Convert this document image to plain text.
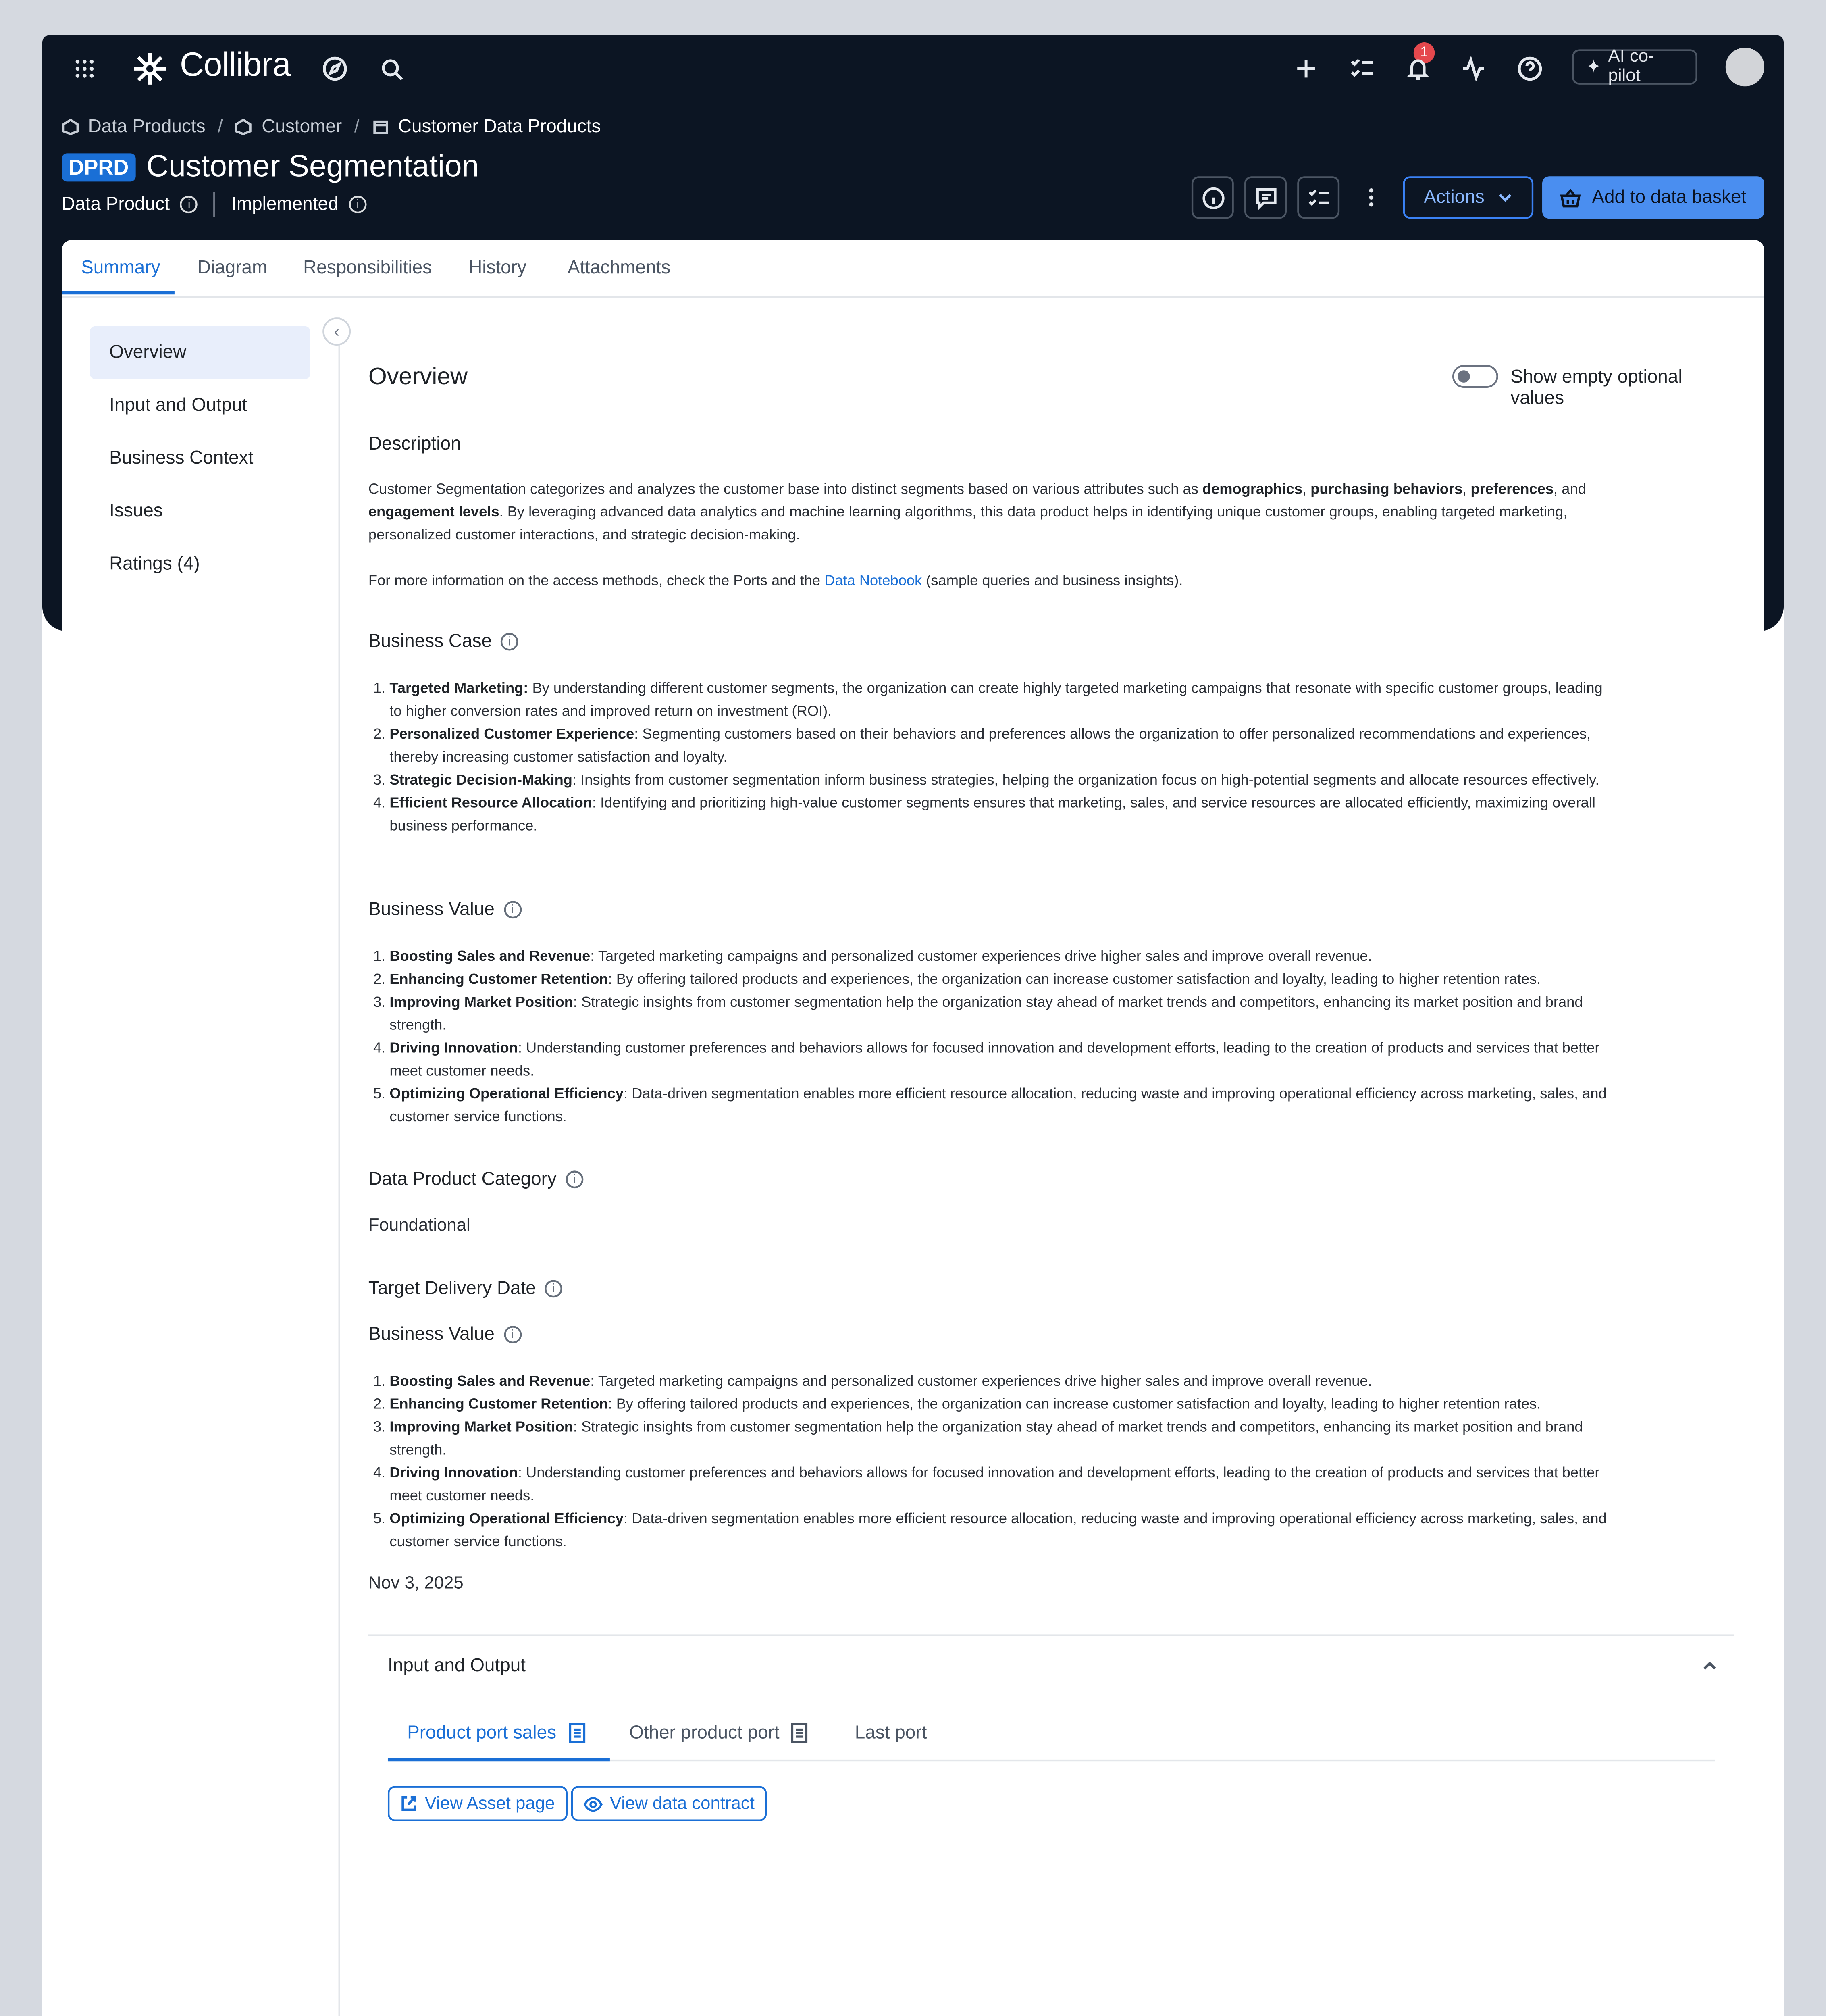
Collibra	1
✦ AI co-pilot
Data Products	/	Customer	/	Customer Data Products
DPRD	Customer Segmentation
Data Product	i	Implemented	i	Actions	Add to data basket
Summary	Diagram	Responsibilities	History	Attachments
Overview
Input and Output
Business Context
Issues
Ratings (4)
‹
Overview	Show empty optional values
Description
Customer Segmentation categorizes and analyzes the customer base into distinct segments based on various attributes such as demographics, purchasing behaviors, preferences, and engagement levels. By leveraging advanced data analytics and machine learning algorithms, this data product helps in identifying unique customer groups, enabling targeted marketing, personalized customer interactions, and strategic decision-making.
For more information on the access methods, check the Ports and the Data Notebook (sample queries and business insights).
Business Case	i
1. Targeted Marketing: By understanding different customer segments, the organization can create highly targeted marketing campaigns that resonate with specific customer groups, leading to higher conversion rates and improved return on investment (ROI).
2. Personalized Customer Experience: Segmenting customers based on their behaviors and preferences allows the organization to offer personalized recommendations and experiences, thereby increasing customer satisfaction and loyalty.
3. Strategic Decision-Making: Insights from customer segmentation inform business strategies, helping the organization focus on high-potential segments and allocate resources effectively.
4. Efficient Resource Allocation: Identifying and prioritizing high-value customer segments ensures that marketing, sales, and service resources are allocated efficiently, maximizing overall business performance.
Business Value	i
1. Boosting Sales and Revenue: Targeted marketing campaigns and personalized customer experiences drive higher sales and improve overall revenue.
2. Enhancing Customer Retention: By offering tailored products and experiences, the organization can increase customer satisfaction and loyalty, leading to higher retention rates.
3. Improving Market Position: Strategic insights from customer segmentation help the organization stay ahead of market trends and competitors, enhancing its market position and brand strength.
4. Driving Innovation: Understanding customer preferences and behaviors allows for focused innovation and development efforts, leading to the creation of products and services that better meet customer needs.
5. Optimizing Operational Efficiency: Data-driven segmentation enables more efficient resource allocation, reducing waste and improving operational efficiency across marketing, sales, and customer service functions.
Data Product Category	i
Foundational
Target Delivery Date	i
Business Value	i
1. Boosting Sales and Revenue: Targeted marketing campaigns and personalized customer experiences drive higher sales and improve overall revenue.
2. Enhancing Customer Retention: By offering tailored products and experiences, the organization can increase customer satisfaction and loyalty, leading to higher retention rates.
3. Improving Market Position: Strategic insights from customer segmentation help the organization stay ahead of market trends and competitors, enhancing its market position and brand strength.
4. Driving Innovation: Understanding customer preferences and behaviors allows for focused innovation and development efforts, leading to the creation of products and services that better meet customer needs.
5. Optimizing Operational Efficiency: Data-driven segmentation enables more efficient resource allocation, reducing waste and improving operational efficiency across marketing, sales, and customer service functions.
Nov 3, 2025
Input and Output
Product port sales	Other product port	Last port
View Asset page	View data contract
